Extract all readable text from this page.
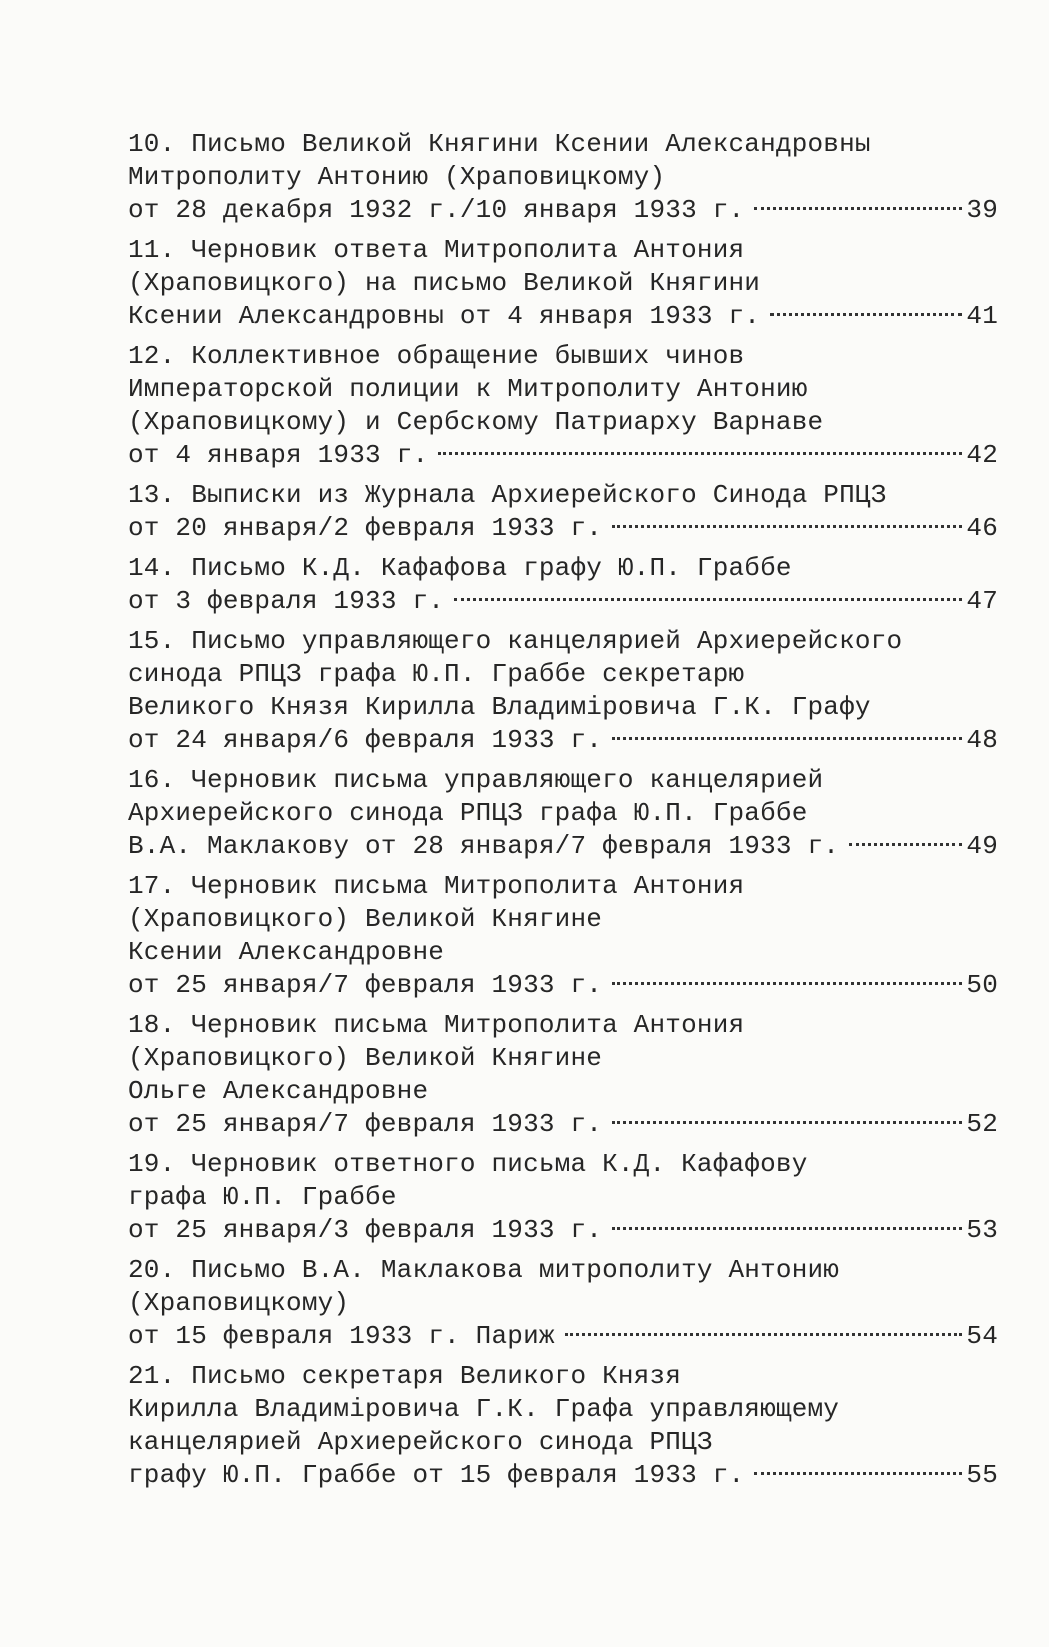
10. Письмо Великой Княгини Ксении Александровны
Митрополиту Антонию (Храповицкому)
от 28 декабря 1932 г./10 января 1933 г.	39
11. Черновик ответа Митрополита Антония
(Храповицкого) на письмо Великой Княгини
Ксении Александровны от 4 января 1933 г.	41
12. Коллективное обращение бывших чинов
Императорской полиции к Митрополиту Антонию
(Храповицкому) и Сербскому Патриарху Варнаве
от 4 января 1933 г.	42
13. Выписки из Журнала Архиерейского Синода РПЦЗ
от 20 января/2 февраля 1933 г.	46
14. Письмо К.Д. Кафафова графу Ю.П. Граббе
от 3 февраля 1933 г.	47
15. Письмо управляющего канцелярией Архиерейского
синода РПЦЗ графа Ю.П. Граббе секретарю
Великого Князя Кирилла Владиміровича Г.К. Графу
от 24 января/6 февраля 1933 г.	48
16. Черновик письма управляющего канцелярией
Архиерейского синода РПЦЗ графа Ю.П. Граббе
В.А. Маклакову от 28 января/7 февраля 1933 г.	49
17. Черновик письма Митрополита Антония
(Храповицкого) Великой Княгине
Ксении Александровне
от 25 января/7 февраля 1933 г.	50
18. Черновик письма Митрополита Антония
(Храповицкого) Великой Княгине
Ольге Александровне
от 25 января/7 февраля 1933 г.	52
19. Черновик ответного письма К.Д. Кафафову
графа Ю.П. Граббе
от 25 января/3 февраля 1933 г.	53
20. Письмо В.А. Маклакова митрополиту Антонию
(Храповицкому)
от 15 февраля 1933 г. Париж	54
21. Письмо секретаря Великого Князя
Кирилла Владиміровича Г.К. Графа управляющему
канцелярией Архиерейского синода РПЦЗ
графу Ю.П. Граббе от 15 февраля 1933 г.	55
